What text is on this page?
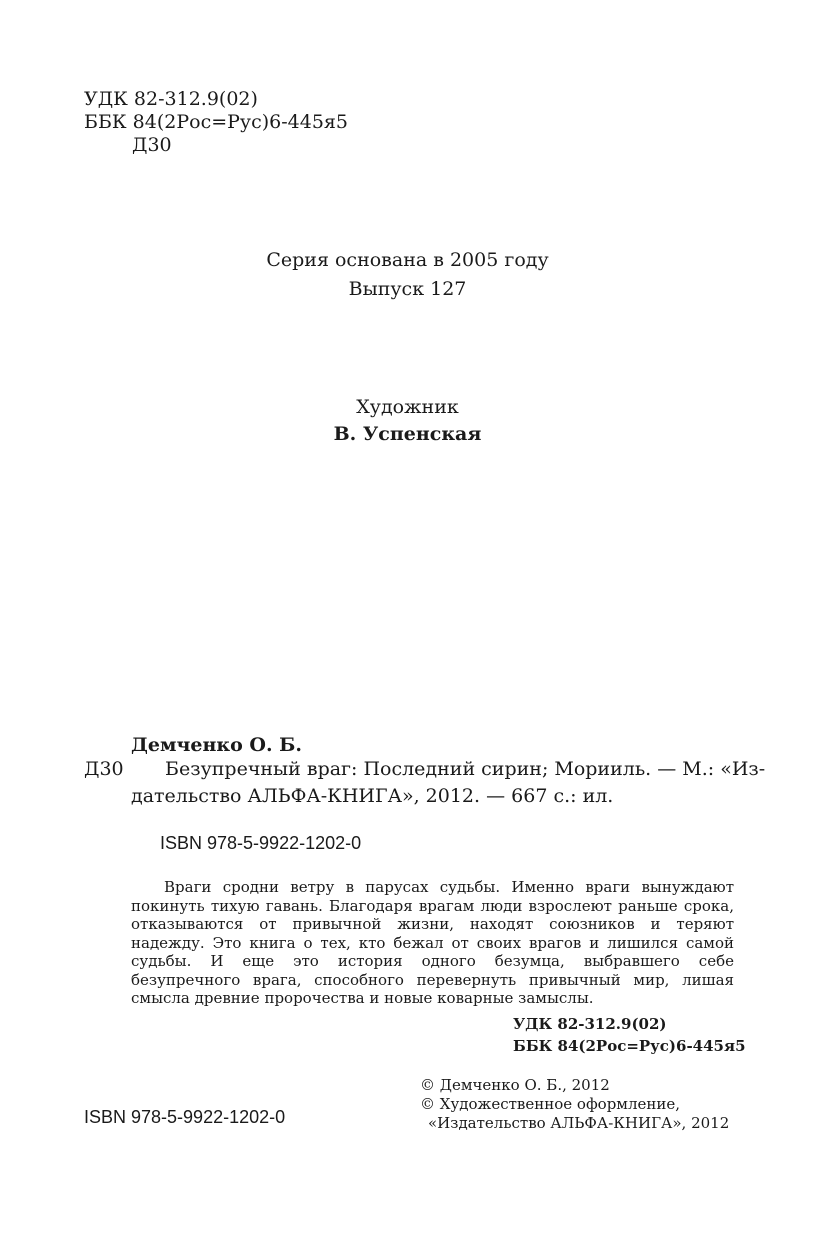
УДК 82-312.9(02)
ББК 84(2Рос=Рус)6-445я5
Д30
Серия основана в 2005 году
Выпуск 127
Художник
В. Успенская
Демченко О. Б.
Д30 Безупречный враг: Последний сирин; Морииль. — М.: «Из-
дательство АЛЬФА-КНИГА», 2012. — 667 с.: ил.
ISBN 978-5-9922-1202-0

Враги сродни ветру в парусах судьбы. Именно враги вынуждают покинуть тихую гавань. Благодаря врагам люди взрослеют раньше срока, отказываются от привычной жизни, находят союзников и теряют надежду. Это книга о тех, кто бежал от своих врагов и лишился самой судьбы. И еще это история одного безумца, выбравшего себе безупречного врага, способного перевернуть привычный мир, лишая смысла древние пророчества и новые коварные замыслы.

УДК 82-312.9(02)
ББК 84(2Рос=Рус)6-445я5
© Демченко О. Б., 2012
© Художественное оформление,
«Издательство АЛЬФА-КНИГА», 2012
ISBN 978-5-9922-1202-0
